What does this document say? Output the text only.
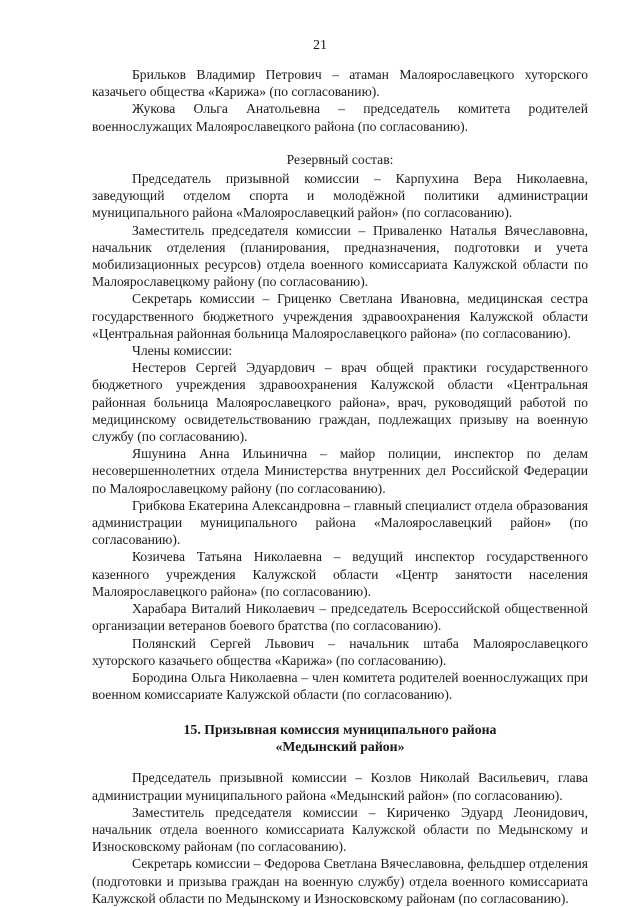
21

Брильков Владимир Петрович – атаман Малоярославецкого хуторского казачьего общества «Карижа» (по согласованию).

Жукова Ольга Анатольевна – председатель комитета родителей военнослужащих Малоярославецкого района (по согласованию).

Резервный состав:

Председатель призывной комиссии – Карпухина Вера Николаевна, заведующий отделом спорта и молодёжной политики администрации муниципального района «Малоярославецкий район» (по согласованию).

Заместитель председателя комиссии – Приваленко Наталья Вячеславовна, начальник отделения (планирования, предназначения, подготовки и учета мобилизационных ресурсов) отдела военного комиссариата Калужской области по Малоярославецкому району (по согласованию).

Секретарь комиссии – Гриценко Светлана Ивановна, медицинская сестра государственного бюджетного учреждения здравоохранения Калужской области «Центральная районная больница Малоярославецкого района» (по согласованию).

Члены комиссии:

Нестеров Сергей Эдуардович – врач общей практики государственного бюджетного учреждения здравоохранения Калужской области «Центральная районная больница Малоярославецкого района», врач, руководящий работой по медицинскому освидетельствованию граждан, подлежащих призыву на военную службу (по согласованию).

Яшунина Анна Ильинична – майор полиции, инспектор по делам несовершеннолетних отдела Министерства внутренних дел Российской Федерации по Малоярославецкому району (по согласованию).

Грибкова Екатерина Александровна – главный специалист отдела образования администрации муниципального района «Малоярославецкий район» (по согласованию).

Козичева Татьяна Николаевна – ведущий инспектор государственного казенного учреждения Калужской области «Центр занятости населения Малоярославецкого района» (по согласованию).

Харабара Виталий Николаевич – председатель Всероссийской общественной организации ветеранов боевого братства (по согласованию).

Полянский Сергей Львович – начальник штаба Малоярославецкого хуторского казачьего общества «Карижа» (по согласованию).

Бородина Ольга Николаевна – член комитета родителей военнослужащих при военном комиссариате Калужской области (по согласованию).

15. Призывная комиссия муниципального района
«Медынский район»

Председатель призывной комиссии – Козлов Николай Васильевич, глава администрации муниципального района «Медынский район» (по согласованию).

Заместитель председателя комиссии – Кириченко Эдуард Леонидович, начальник отдела военного комиссариата Калужской области по Медынскому и Износковскому районам (по согласованию).

Секретарь комиссии – Федорова Светлана Вячеславовна, фельдшер отделения (подготовки и призыва граждан на военную службу) отдела военного комиссариата Калужской области по Медынскому и Износковскому районам (по согласованию).
